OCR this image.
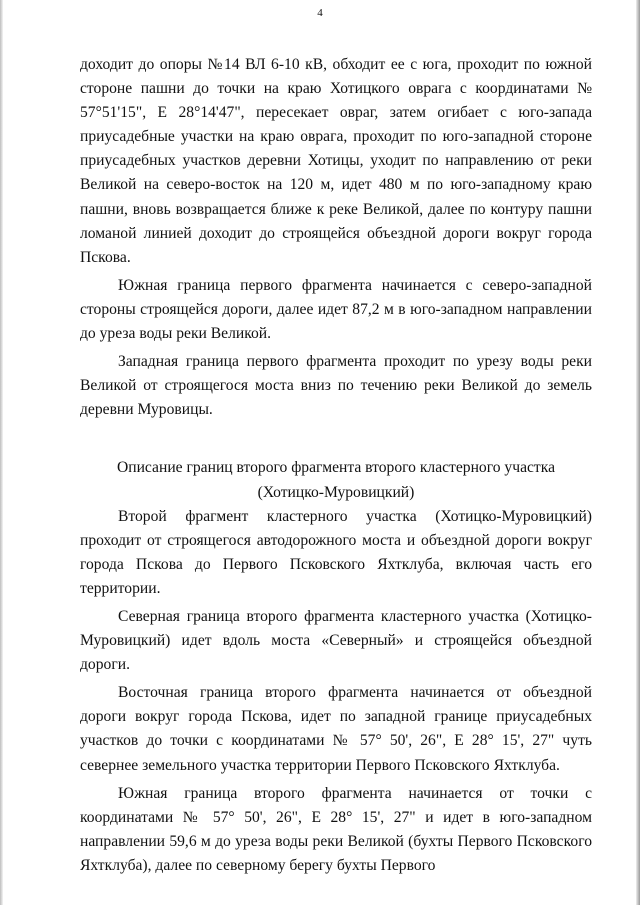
4

доходит до опоры №14 ВЛ 6-10 кВ, обходит ее с юга, проходит по южной стороне пашни до точки на краю Хотицкого оврага с координатами № 57°51'15", Е 28°14'47", пересекает овраг, затем огибает с юго-запада приусадебные участки на краю оврага, проходит по юго-западной стороне приусадебных участков деревни Хотицы, уходит по направлению от реки Великой на северо-восток на 120 м, идет 480 м по юго-западному краю пашни, вновь возвращается ближе к реке Великой, далее по контуру пашни ломаной линией доходит до строящейся объездной дороги вокруг города Пскова.

Южная граница первого фрагмента начинается с северо-западной стороны строящейся дороги, далее идет 87,2 м в юго-западном направлении до уреза воды реки Великой.

Западная граница первого фрагмента проходит по урезу воды реки Великой от строящегося моста вниз по течению реки Великой до земель деревни Муровицы.

Описание границ второго фрагмента второго кластерного участка

(Хотицко-Муровицкий)

Второй фрагмент кластерного участка (Хотицко-Муровицкий) проходит от строящегося автодорожного моста и объездной дороги вокруг города Пскова до Первого Псковского Яхтклуба, включая часть его территории.

Северная граница второго фрагмента кластерного участка (Хотицко-Муровицкий) идет вдоль моста «Северный» и строящейся объездной дороги.

Восточная граница второго фрагмента начинается от объездной дороги вокруг города Пскова, идет по западной границе приусадебных участков до точки с координатами № 57° 50', 26", Е 28° 15', 27" чуть севернее земельного участка территории Первого Псковского Яхтклуба.

Южная граница второго фрагмента начинается от точки с координатами № 57° 50', 26", Е 28° 15', 27" и идет в юго-западном направлении 59,6 м до уреза воды реки Великой (бухты Первого Псковского Яхтклуба), далее по северному берегу бухты Первого
